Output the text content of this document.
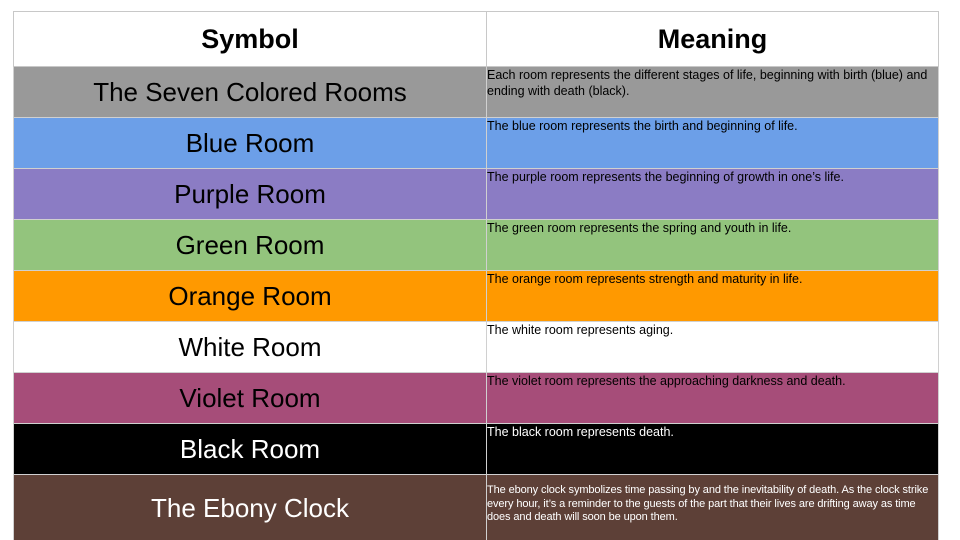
Symbol	Meaning
The Seven Colored Rooms	Each room represents the different stages of life, beginning with birth (blue) and ending with death (black).
Blue Room	The blue room represents the birth and beginning of life.
Purple Room	The purple room represents the beginning of growth in one’s life.
Green Room	The green room represents the spring and youth in life.
Orange Room	The orange room represents strength and maturity in life.
White Room	The white room represents aging.
Violet Room	The violet room represents the approaching darkness and death.
Black Room	The black room represents death.
The Ebony Clock	The ebony clock symbolizes time passing by and the inevitability of death. As the clock strike every hour, it’s a reminder to the guests of the part that their lives are drifting away as time does and death will soon be upon them.
